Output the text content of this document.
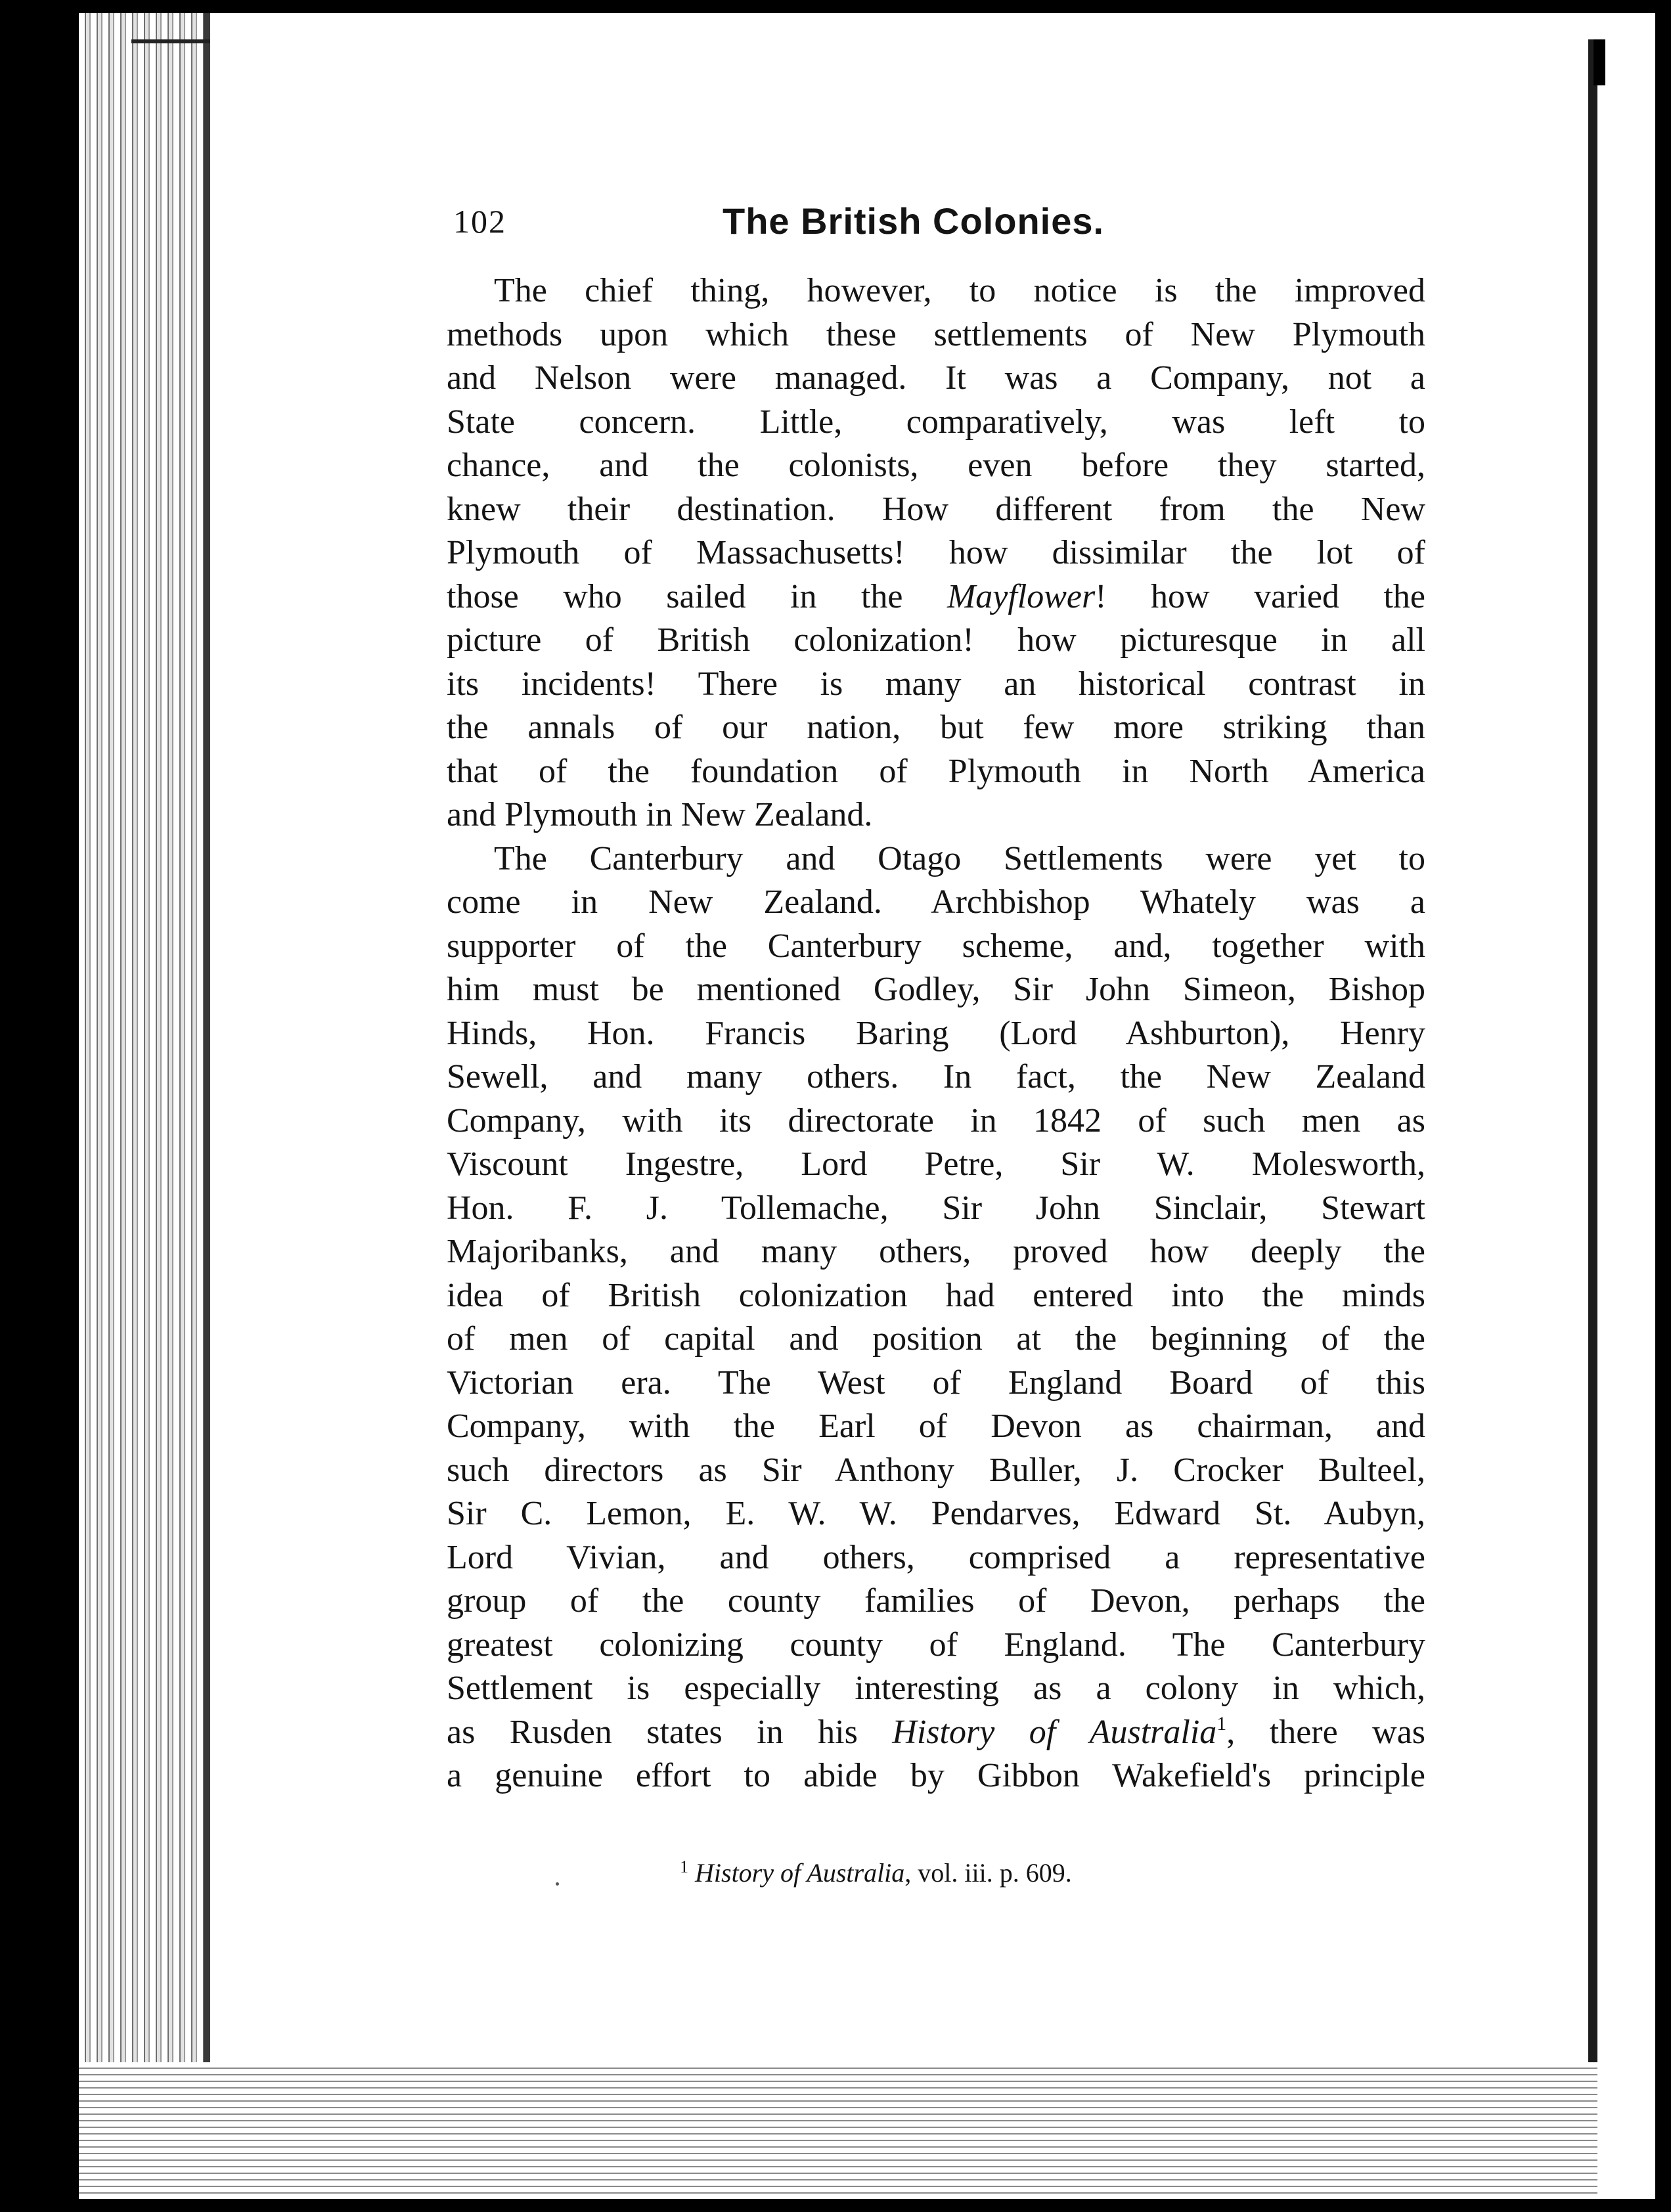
102	The British Colonies.
The chief thing, however, to notice is the improved
methods upon which these settlements of New Plymouth
and Nelson were managed. It was a Company, not a
State concern. Little, comparatively, was left to
chance, and the colonists, even before they started,
knew their destination. How different from the New
Plymouth of Massachusetts! how dissimilar the lot of
those who sailed in the Mayflower! how varied the
picture of British colonization! how picturesque in all
its incidents! There is many an historical contrast in
the annals of our nation, but few more striking than
that of the foundation of Plymouth in North America
and Plymouth in New Zealand.
The Canterbury and Otago Settlements were yet to
come in New Zealand. Archbishop Whately was a
supporter of the Canterbury scheme, and, together with
him must be mentioned Godley, Sir John Simeon, Bishop
Hinds, Hon. Francis Baring (Lord Ashburton), Henry
Sewell, and many others. In fact, the New Zealand
Company, with its directorate in 1842 of such men as
Viscount Ingestre, Lord Petre, Sir W. Molesworth,
Hon. F. J. Tollemache, Sir John Sinclair, Stewart
Majoribanks, and many others, proved how deeply the
idea of British colonization had entered into the minds
of men of capital and position at the beginning of the
Victorian era. The West of England Board of this
Company, with the Earl of Devon as chairman, and
such directors as Sir Anthony Buller, J. Crocker Bulteel,
Sir C. Lemon, E. W. W. Pendarves, Edward St. Aubyn,
Lord Vivian, and others, comprised a representative
group of the county families of Devon, perhaps the
greatest colonizing county of England. The Canterbury
Settlement is especially interesting as a colony in which,
as Rusden states in his History of Australia$^1$, there was
a genuine effort to abide by Gibbon Wakefield's principle
$^1$ History of Australia, vol. iii. p. 609.
